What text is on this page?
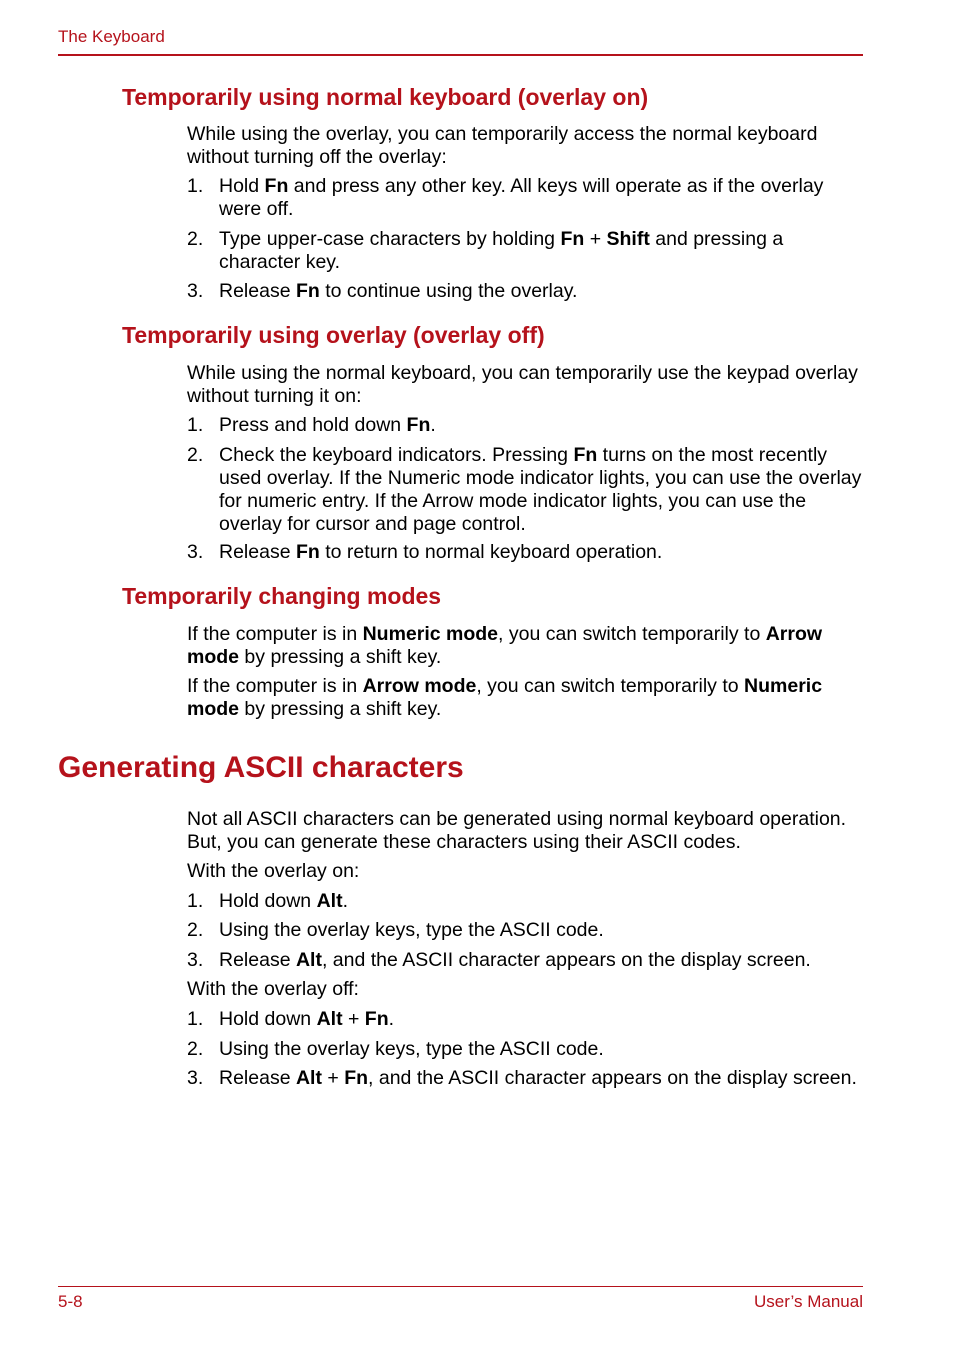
The Keyboard
Temporarily using normal keyboard (overlay on)
While using the overlay, you can temporarily access the normal keyboard without turning off the overlay:
1. Hold Fn and press any other key. All keys will operate as if the overlay were off.
2. Type upper-case characters by holding Fn + Shift and pressing a character key.
3. Release Fn to continue using the overlay.
Temporarily using overlay (overlay off)
While using the normal keyboard, you can temporarily use the keypad overlay without turning it on:
1. Press and hold down Fn.
2. Check the keyboard indicators. Pressing Fn turns on the most recently used overlay. If the Numeric mode indicator lights, you can use the overlay for numeric entry. If the Arrow mode indicator lights, you can use the overlay for cursor and page control.
3. Release Fn to return to normal keyboard operation.
Temporarily changing modes
If the computer is in Numeric mode, you can switch temporarily to Arrow mode by pressing a shift key.
If the computer is in Arrow mode, you can switch temporarily to Numeric mode by pressing a shift key.
Generating ASCII characters
Not all ASCII characters can be generated using normal keyboard operation. But, you can generate these characters using their ASCII codes.
With the overlay on:
1. Hold down Alt.
2. Using the overlay keys, type the ASCII code.
3. Release Alt, and the ASCII character appears on the display screen.
With the overlay off:
1. Hold down Alt + Fn.
2. Using the overlay keys, type the ASCII code.
3. Release Alt + Fn, and the ASCII character appears on the display screen.
5-8	User’s Manual
